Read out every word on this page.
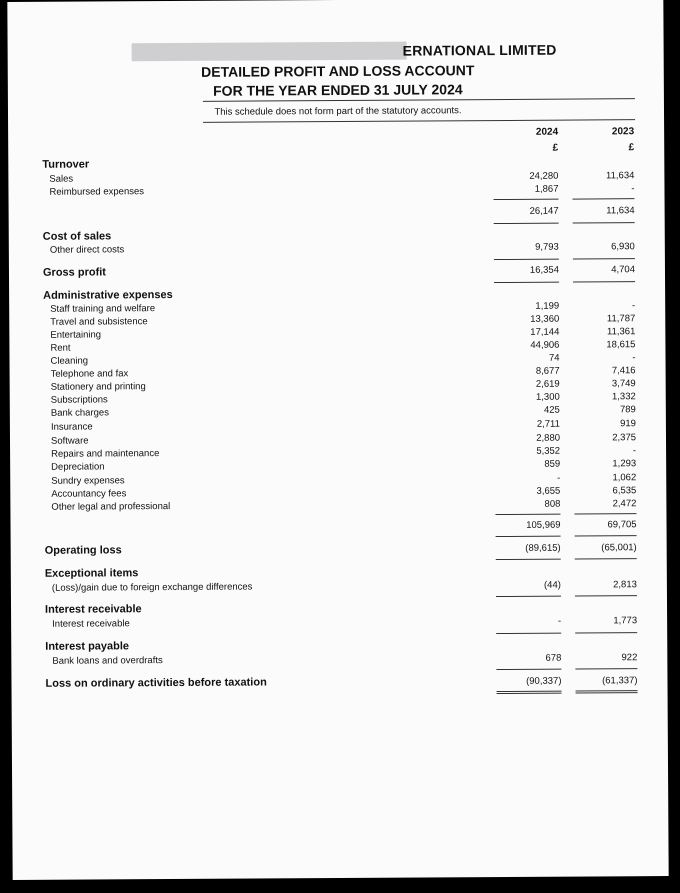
ERNATIONAL LIMITED
DETAILED PROFIT AND LOSS ACCOUNT
FOR THE YEAR ENDED 31 JULY 2024
This schedule does not form part of the statutory accounts.
2024	2023
£	£
Turnover
Sales	24,280	11,634
Reimbursed expenses	1,867	-
26,147	11,634
Cost of sales
Other direct costs	9,793	6,930
Gross profit	16,354	4,704
Administrative expenses
Staff training and welfare	1,199	-
Travel and subsistence	13,360	11,787
Entertaining	17,144	11,361
Rent	44,906	18,615
Cleaning	74	-
Telephone and fax	8,677	7,416
Stationery and printing	2,619	3,749
Subscriptions	1,300	1,332
Bank charges	425	789
Insurance	2,711	919
Software	2,880	2,375
Repairs and maintenance	5,352	-
Depreciation	859	1,293
Sundry expenses	-	1,062
Accountancy fees	3,655	6,535
Other legal and professional	808	2,472
105,969	69,705
Operating loss	(89,615)	(65,001)
Exceptional items
(Loss)/gain due to foreign exchange differences	(44)	2,813
Interest receivable
Interest receivable	-	1,773
Interest payable
Bank loans and overdrafts	678	922
Loss on ordinary activities before taxation	(90,337)	(61,337)
